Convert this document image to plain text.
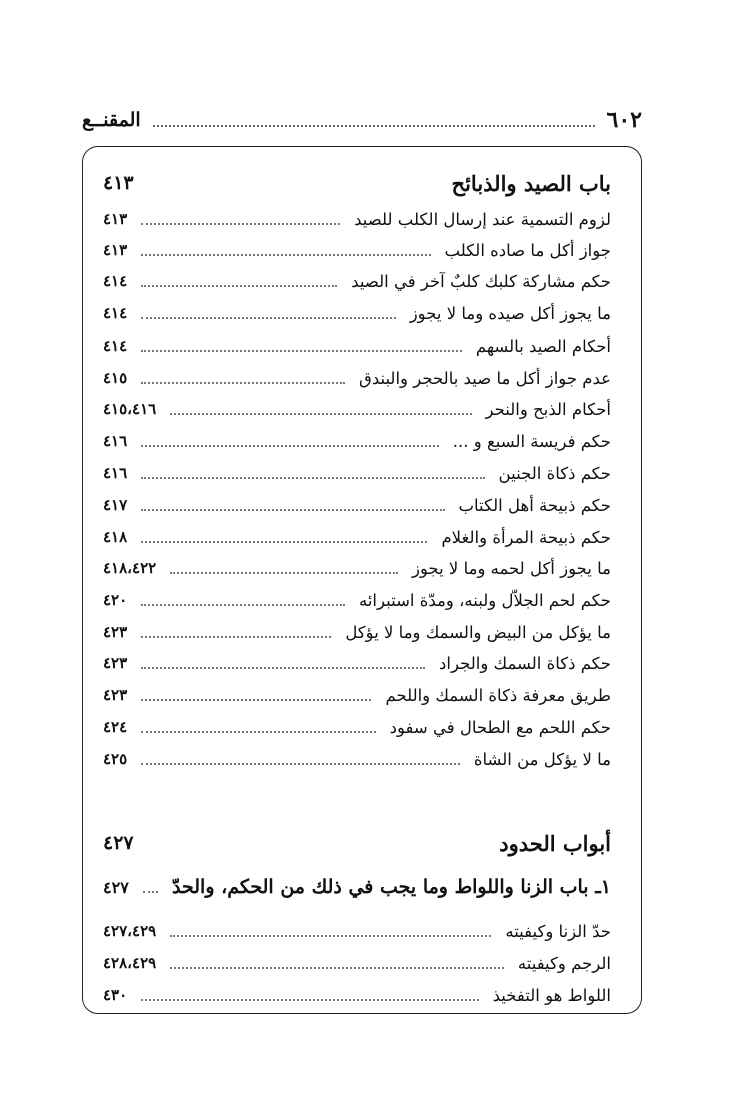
٦٠٢
المقنــع
باب الصيد والذبائح
٤١٣
لزوم التسمية عند إرسال الكلب للصيد
٤١٣
جواز أكل ما صاده الكلب
٤١٣
حكم مشاركة كلبك كلبٌ آخر في الصيد
٤١٤
ما يجوز أكل صيده وما لا يجوز
٤١٤
أحكام الصيد بالسهم
٤١٤
عدم جواز أكل ما صيد بالحجر والبندق
٤١٥
أحكام الذبح والنحر
٤١٥،٤١٦
حكم فريسة السبع و ...
٤١٦
حكم ذكاة الجنين
٤١٦
حكم ذبيحة أهل الكتاب
٤١٧
حكم ذبيحة المرأة والغلام
٤١٨
ما يجوز أكل لحمه وما لا يجوز
٤١٨،٤٢٢
حكم لحم الجلاّل ولبنه، ومدّة استبرائه
٤٢٠
ما يؤكل من البيض والسمك وما لا يؤكل
٤٢٣
حكم ذكاة السمك والجراد
٤٢٣
طريق معرفة ذكاة السمك واللحم
٤٢٣
حكم اللحم مع الطحال في سفود
٤٢٤
ما لا يؤكل من الشاة
٤٢٥
أبواب الحدود
٤٢٧
١ـ باب الزنا واللواط وما يجب في ذلك من الحكم، والحدّ
٤٢٧
حدّ الزنا وكيفيته
٤٢٧،٤٢٩
الرجم وكيفيته
٤٢٨،٤٢٩
اللواط هو التفخيذ
٤٣٠
